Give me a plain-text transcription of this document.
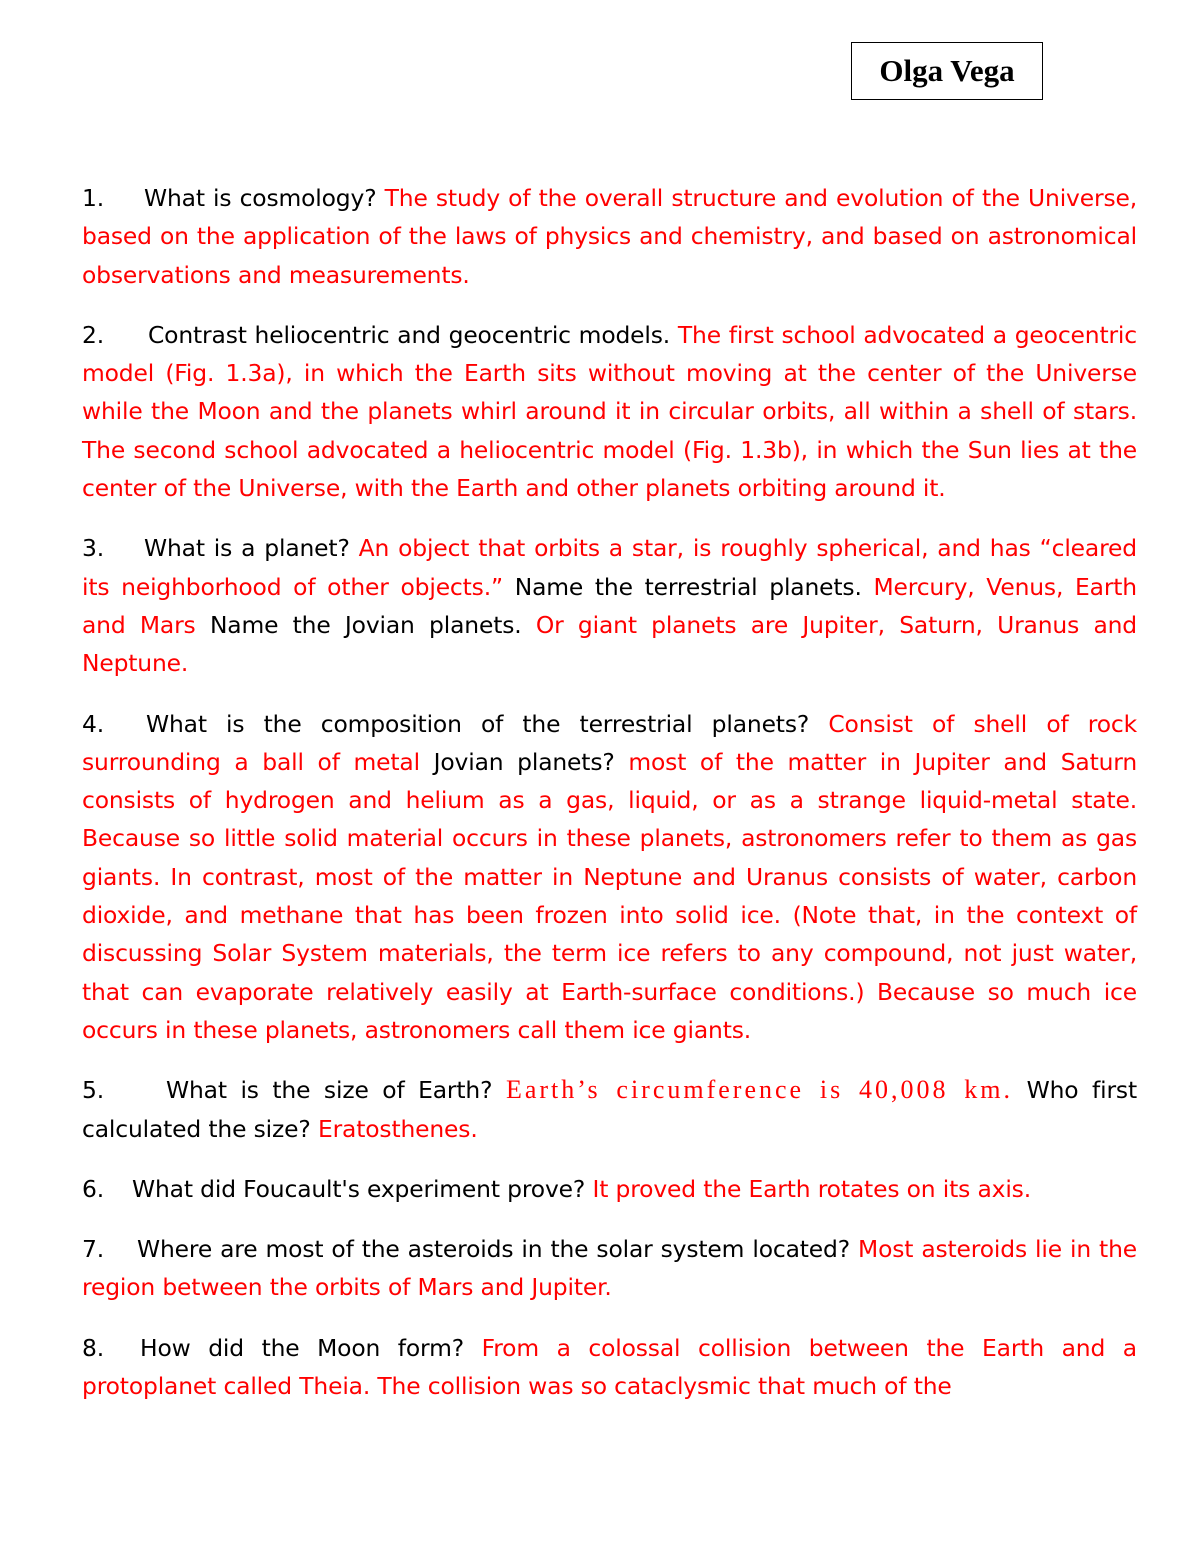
Olga Vega

1. What is cosmology? The study of the overall structure and evolution of the Universe, based on the application of the laws of physics and chemistry, and based on astronomical observations and measurements.

2. Contrast heliocentric and geocentric models. The first school advocated a geocentric model (Fig. 1.3a), in which the Earth sits without moving at the center of the Universe while the Moon and the planets whirl around it in circular orbits, all within a shell of stars. The second school advocated a heliocentric model (Fig. 1.3b), in which the Sun lies at the center of the Universe, with the Earth and other planets orbiting around it.

3. What is a planet? An object that orbits a star, is roughly spherical, and has “cleared its neighborhood of other objects.” Name the terrestrial planets. Mercury, Venus, Earth and Mars Name the Jovian planets. Or giant planets are Jupiter, Saturn, Uranus and Neptune.

4. What is the composition of the terrestrial planets? Consist of shell of rock surrounding a ball of metal Jovian planets? most of the matter in Jupiter and Saturn consists of hydrogen and helium as a gas, liquid, or as a strange liquid-metal state. Because so little solid material occurs in these planets, astronomers refer to them as gas giants. In contrast, most of the matter in Neptune and Uranus consists of water, carbon dioxide, and methane that has been frozen into solid ice. (Note that, in the context of discussing Solar System materials, the term ice refers to any compound, not just water, that can evaporate relatively easily at Earth-surface conditions.) Because so much ice occurs in these planets, astronomers call them ice giants.

5.	What is the size of Earth? Earth’s circumference is 40,008 km. Who first calculated the size? Eratosthenes.

6. What did Foucault's experiment prove? It proved the Earth rotates on its axis.

7. Where are most of the asteroids in the solar system located? Most asteroids lie in the region between the orbits of Mars and Jupiter.

8. How did the Moon form? From a colossal collision between the Earth and a protoplanet called Theia. The collision was so cataclysmic that much of the
